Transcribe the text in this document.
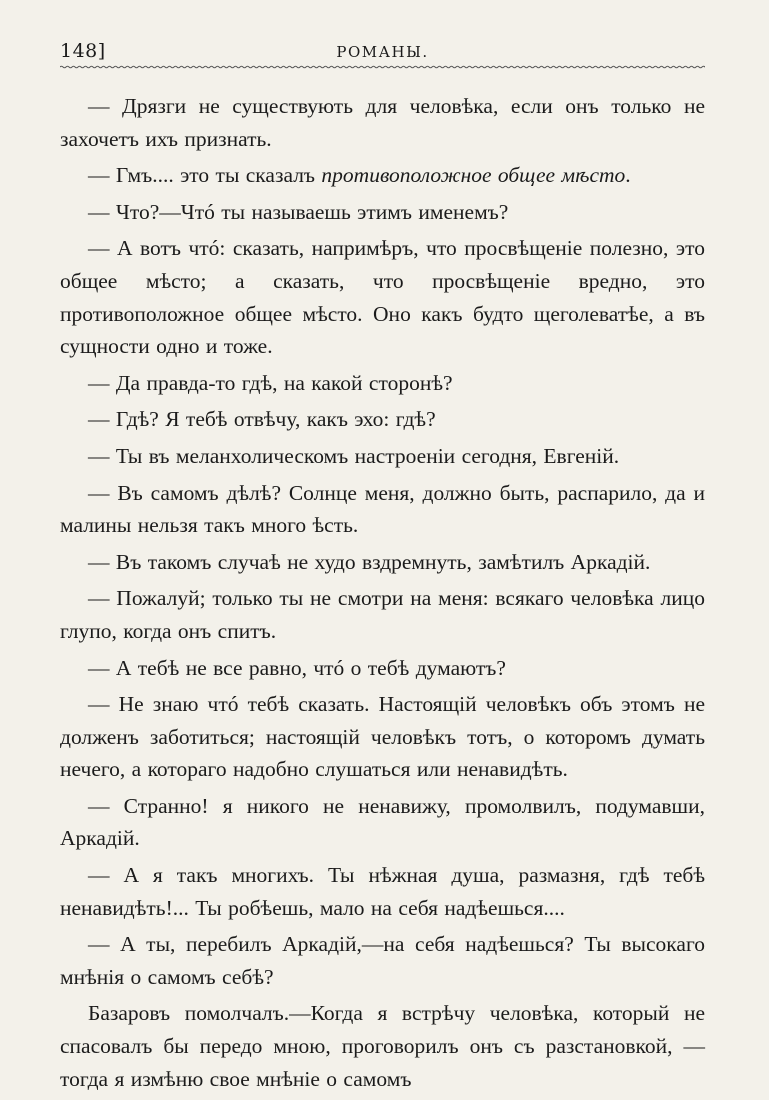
148]	РОМАНЫ.

— Дрязги не существують для человѣка, если онъ только не захочетъ ихъ признать.

— Гмъ.... это ты сказалъ противоположное общее мѣсто.

— Что?—Чтó ты называешь этимъ именемъ?

— А вотъ чтó: сказать, напримѣръ, что просвѣщеніе полезно, это общее мѣсто; а сказать, что просвѣщеніе вредно, это противоположное общее мѣсто. Оно какъ будто щеголеватѣе, а въ сущности одно и тоже.

— Да правда-то гдѣ, на какой сторонѣ?

— Гдѣ? Я тебѣ отвѣчу, какъ эхо: гдѣ?

— Ты въ меланхолическомъ настроеніи сегодня, Евгеній.

— Въ самомъ дѣлѣ? Солнце меня, должно быть, распарило, да и малины нельзя такъ много ѣсть.

— Въ такомъ случаѣ не худо вздремнуть, замѣтилъ Аркадій.

— Пожалуй; только ты не смотри на меня: всякаго человѣка лицо глупо, когда онъ спитъ.

— А тебѣ не все равно, чтó о тебѣ думаютъ?

— Не знаю чтó тебѣ сказать. Настоящій человѣкъ объ этомъ не долженъ заботиться; настоящій человѣкъ тотъ, о которомъ думать нечего, а котораго надобно слушаться или ненавидѣть.

— Странно! я никого не ненавижу, промолвилъ, подумавши, Аркадій.

— А я такъ многихъ. Ты нѣжная душа, размазня, гдѣ тебѣ ненавидѣть!... Ты робѣешь, мало на себя надѣешься....

— А ты, перебилъ Аркадій,—на себя надѣешься? Ты высокаго мнѣнія о самомъ себѣ?

Базаровъ помолчалъ.—Когда я встрѣчу человѣка, который не спасовалъ бы передо мною, проговорилъ онъ съ разстановкой, — тогда я измѣню свое мнѣніе о самомъ
